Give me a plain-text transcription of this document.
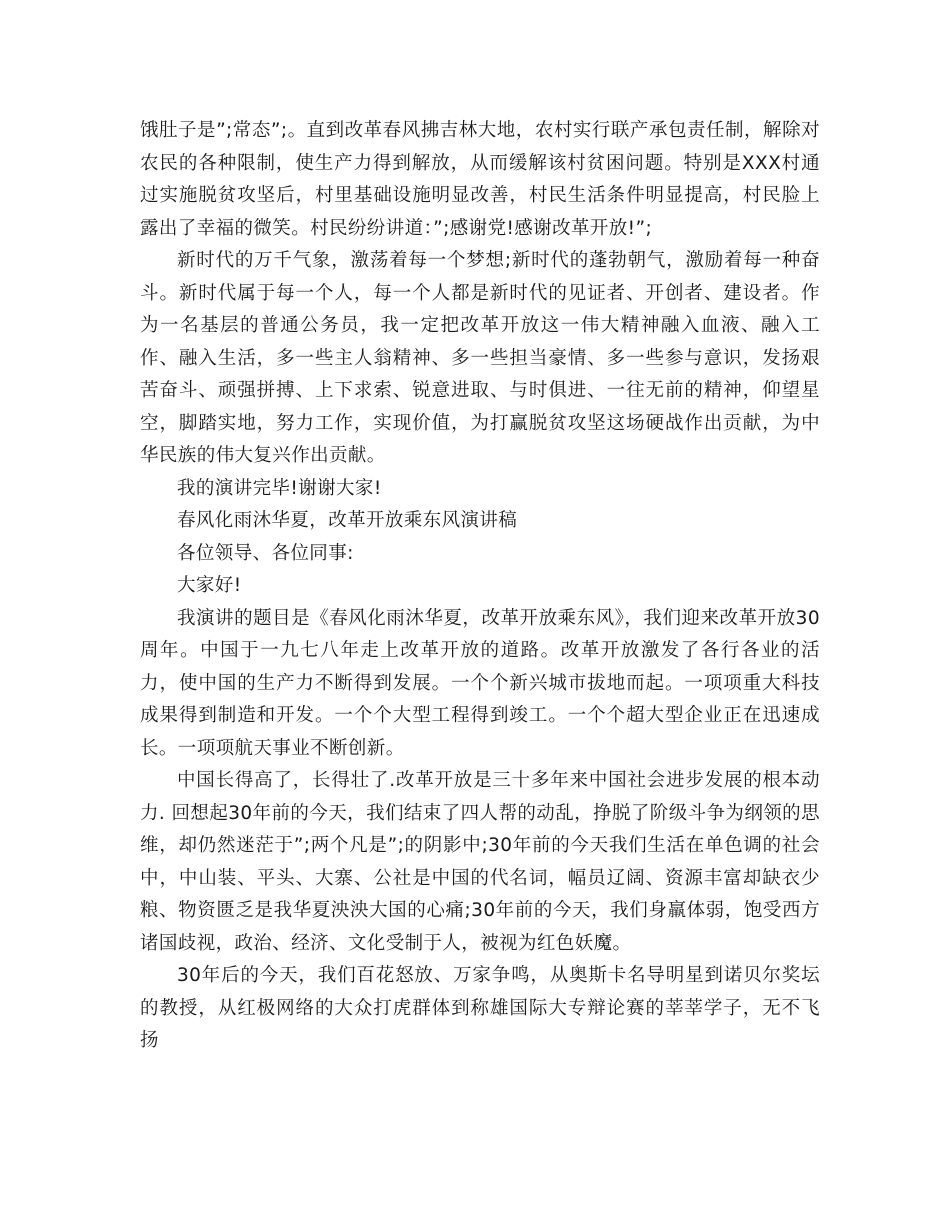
饿肚子是”;常态”;。直到改革春风拂吉林大地，农村实行联产承包责任制，解除对农民的各种限制，使生产力得到解放，从而缓解该村贫困问题。特别是XXX村通过实施脱贫攻坚后，村里基础设施明显改善，村民生活条件明显提高，村民脸上露出了幸福的微笑。村民纷纷讲道：”;感谢党!感谢改革开放!”;

新时代的万千气象，激荡着每一个梦想;新时代的蓬勃朝气，激励着每一种奋斗。新时代属于每一个人，每一个人都是新时代的见证者、开创者、建设者。作为一名基层的普通公务员，我一定把改革开放这一伟大精神融入血液、融入工作、融入生活，多一些主人翁精神、多一些担当豪情、多一些参与意识，发扬艰苦奋斗、顽强拼搏、上下求索、锐意进取、与时俱进、一往无前的精神，仰望星空，脚踏实地，努力工作，实现价值，为打赢脱贫攻坚这场硬战作出贡献，为中华民族的伟大复兴作出贡献。

我的演讲完毕!谢谢大家!

春风化雨沐华夏，改革开放乘东风演讲稿

各位领导、各位同事:

大家好!

我演讲的题目是《春风化雨沐华夏，改革开放乘东风》，我们迎来改革开放30周年。中国于一九七八年走上改革开放的道路。改革开放激发了各行各业的活力，使中国的生产力不断得到发展。一个个新兴城市拔地而起。一项项重大科技成果得到制造和开发。一个个大型工程得到竣工。一个个超大型企业正在迅速成长。一项项航天事业不断创新。

中国长得高了，长得壮了.改革开放是三十多年来中国社会进步发展的根本动力. 回想起30年前的今天，我们结束了四人帮的动乱，挣脱了阶级斗争为纲领的思维，却仍然迷茫于”;两个凡是”;的阴影中;30年前的今天我们生活在单色调的社会中，中山装、平头、大寨、公社是中国的代名词，幅员辽阔、资源丰富却缺衣少粮、物资匮乏是我华夏泱泱大国的心痛;30年前的今天，我们身羸体弱，饱受西方诸国歧视，政治、经济、文化受制于人，被视为红色妖魔。

30年后的今天，我们百花怒放、万家争鸣，从奥斯卡名导明星到诺贝尔奖坛的教授，从红极网络的大众打虎群体到称雄国际大专辩论赛的莘莘学子，无不飞扬
